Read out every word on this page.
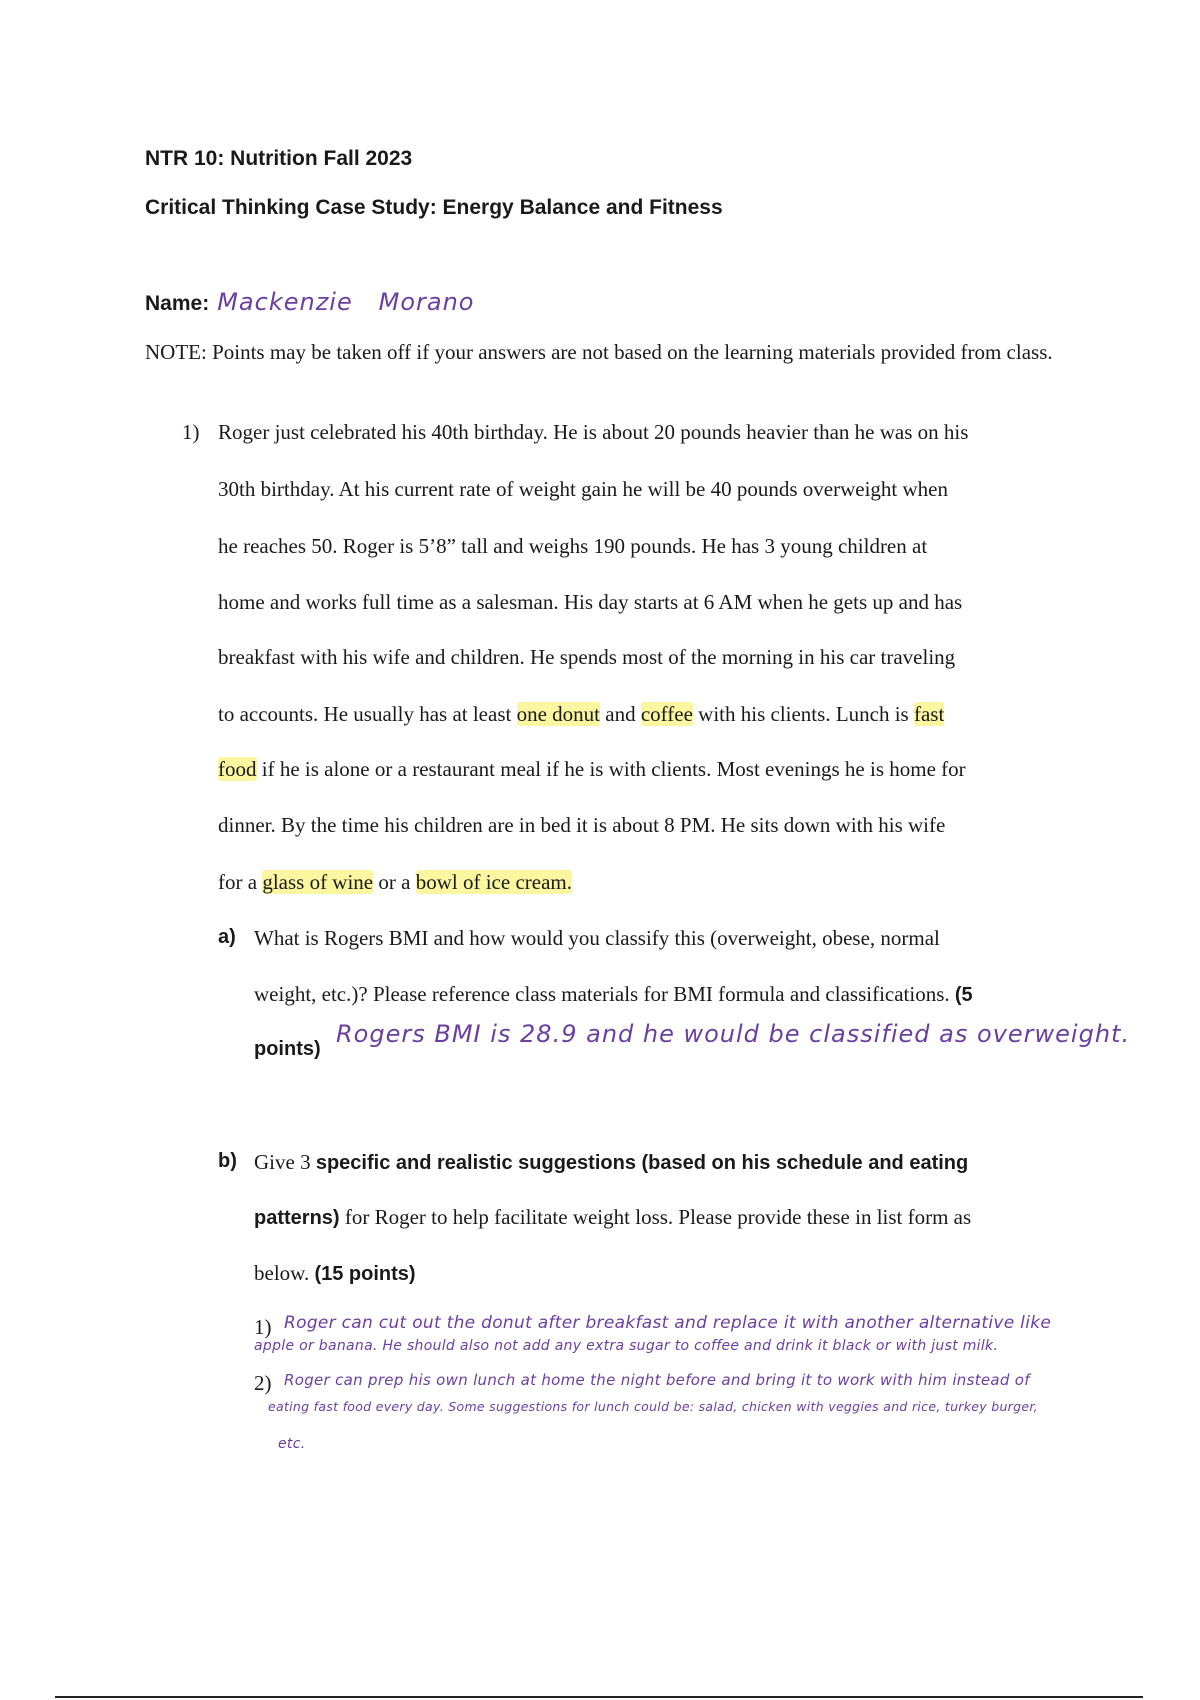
NTR 10: Nutrition Fall 2023
Critical Thinking Case Study: Energy Balance and Fitness
Name: Mackenzie   Morano
NOTE: Points may be taken off if your answers are not based on the learning materials provided from class.
1) Roger just celebrated his 40th birthday. He is about 20 pounds heavier than he was on his
30th birthday. At his current rate of weight gain he will be 40 pounds overweight when
he reaches 50. Roger is 5’8” tall and weighs 190 pounds. He has 3 young children at
home and works full time as a salesman. His day starts at 6 AM when he gets up and has
breakfast with his wife and children. He spends most of the morning in his car traveling
to accounts. He usually has at least one donut and coffee with his clients. Lunch is fast
food if he is alone or a restaurant meal if he is with clients. Most evenings he is home for
dinner. By the time his children are in bed it is about 8 PM. He sits down with his wife
for a glass of wine or a bowl of ice cream.
a) What is Rogers BMI and how would you classify this (overweight, obese, normal
weight, etc.)? Please reference class materials for BMI formula and classifications. (5
points)
Rogers BMI is 28.9 and he would be classified as overweight.
b) Give 3 specific and realistic suggestions (based on his schedule and eating
patterns) for Roger to help facilitate weight loss. Please provide these in list form as
below. (15 points)
1) Roger can cut out the donut after breakfast and replace it with another alternative like
apple or banana. He should also not add any extra sugar to coffee and drink it black or with just milk.
2) Roger can prep his own lunch at home the night before and bring it to work with him instead of
eating fast food every day. Some suggestions for lunch could be: salad, chicken with veggies and rice, turkey burger,
etc.
